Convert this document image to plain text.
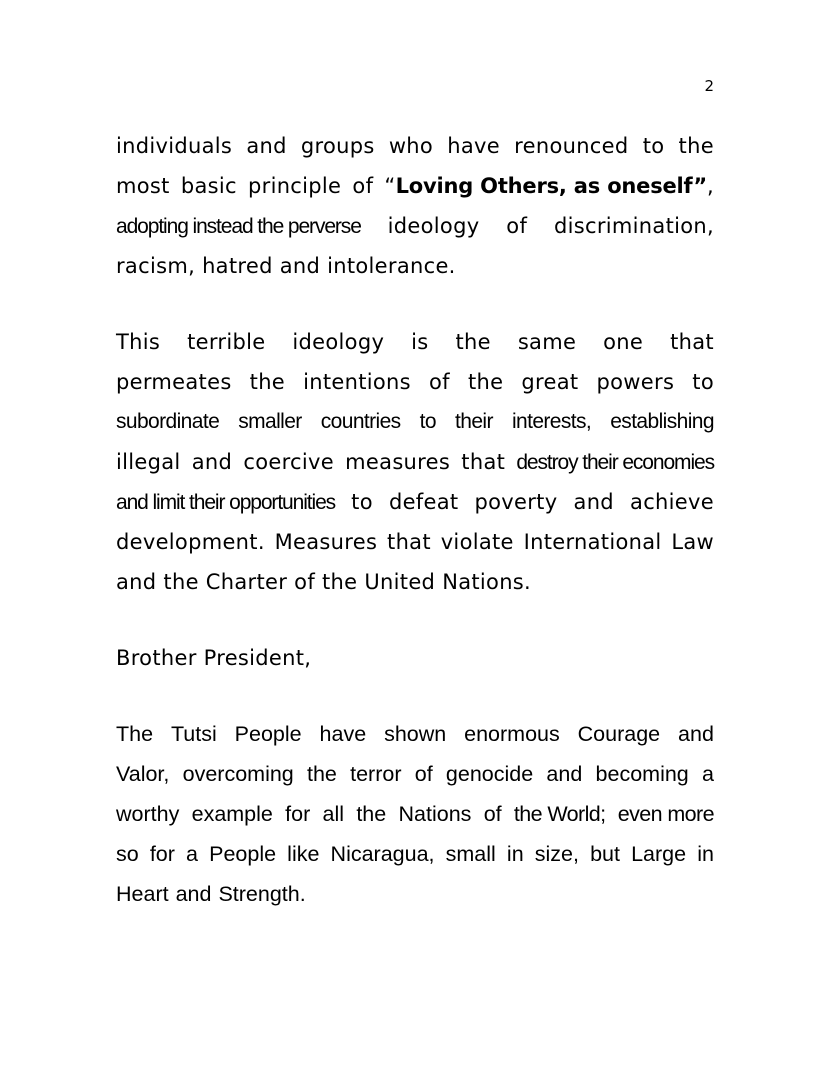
2
individuals and groups who have renounced to the
most basic principle of “Loving Others, as oneself”,
adopting instead the perverse ideology of discrimination,
racism, hatred and intolerance.
This terrible ideology is the same one that
permeates the intentions of the great powers to
subordinate smaller countries to their interests, establishing
illegal and coercive measures that destroy their economies
and limit their opportunities to defeat poverty and achieve
development. Measures that violate International Law
and the Charter of the United Nations.
Brother President,
The Tutsi People have shown enormous Courage and
Valor, overcoming the terror of genocide and becoming a
worthy example for all the Nations of the World; even more
so for a People like Nicaragua, small in size, but Large in
Heart and Strength.
